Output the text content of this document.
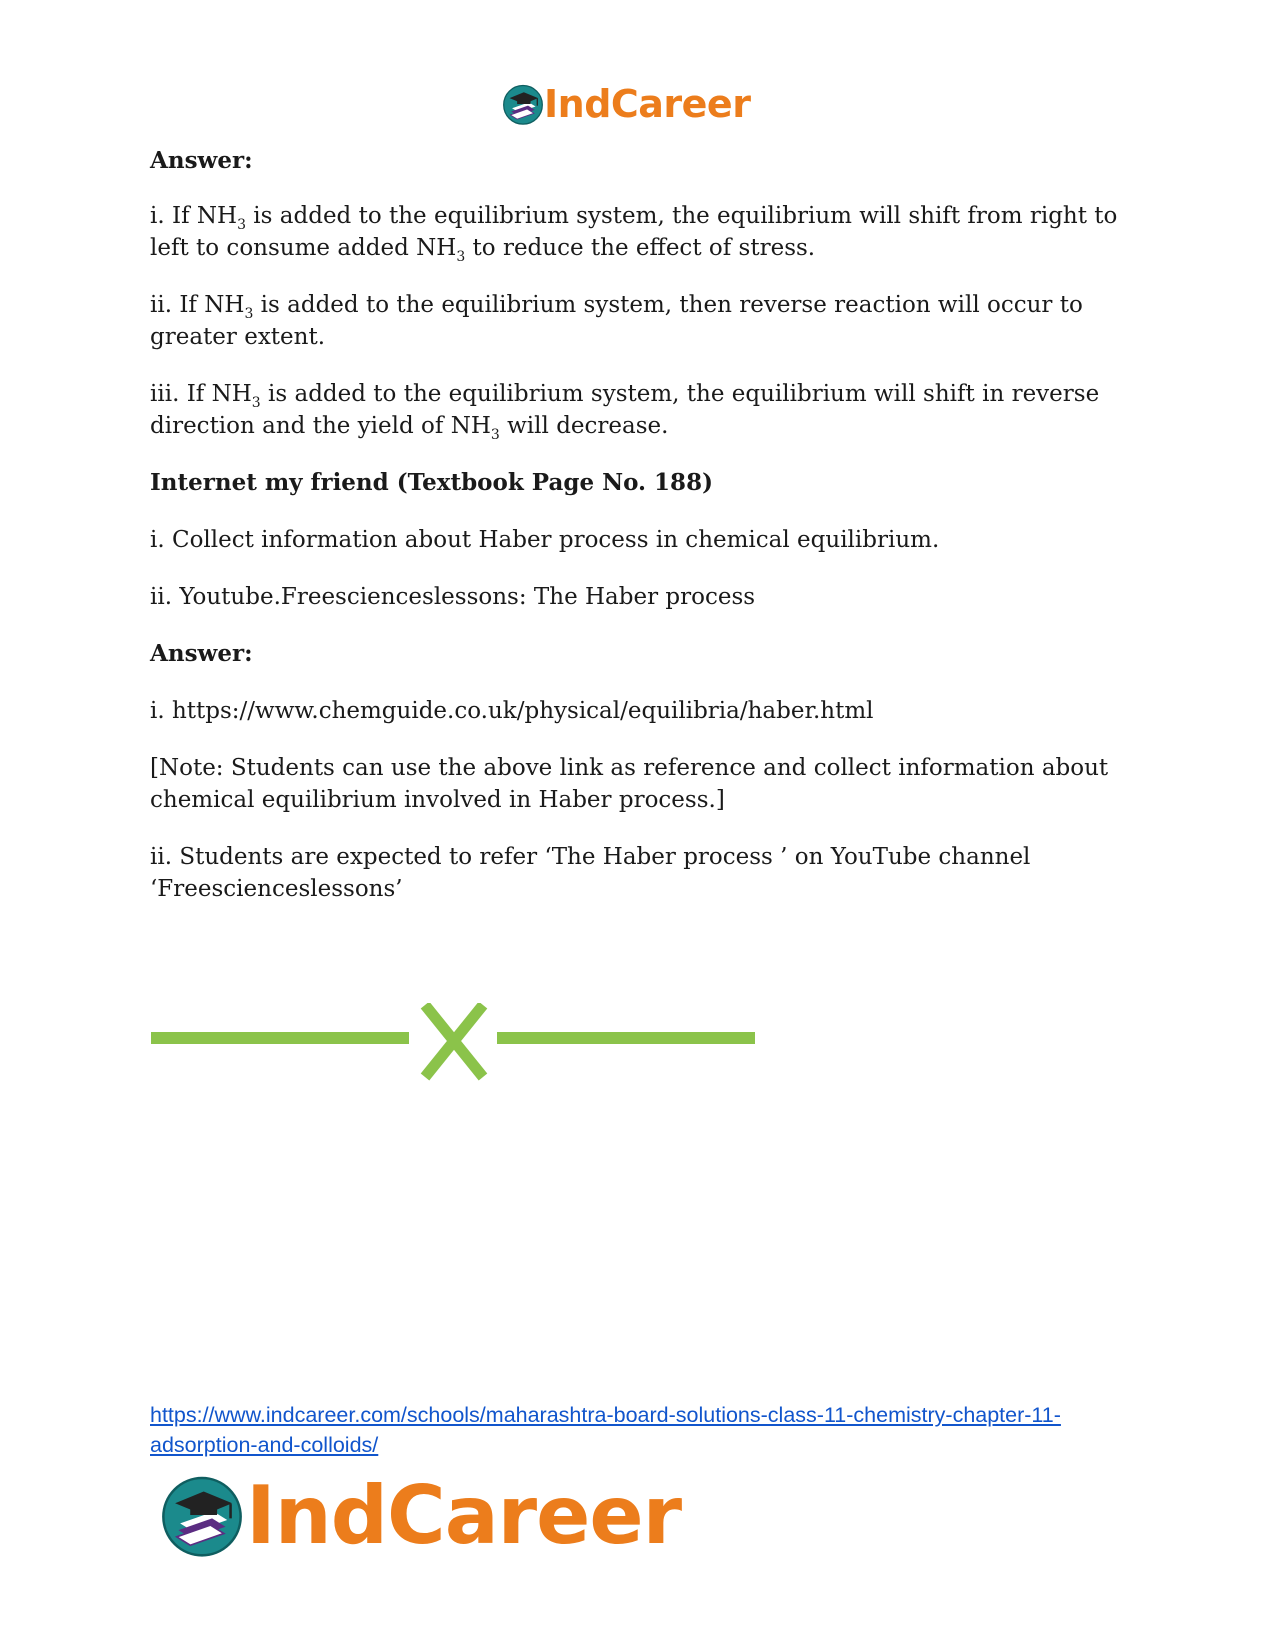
IndCareer

Answer:

i. If $NH_3$ is added to the equilibrium system, the equilibrium will shift from right to left to consume added $NH_3$ to reduce the effect of stress.

ii. If $NH_3$ is added to the equilibrium system, then reverse reaction will occur to greater extent.

iii. If $NH_3$ is added to the equilibrium system, the equilibrium will shift in reverse direction and the yield of $NH_3$ will decrease.

Internet my friend (Textbook Page No. 188)

i. Collect information about Haber process in chemical equilibrium.

ii. Youtube.Freescienceslessons: The Haber process

Answer:

i. https://www.chemguide.co.uk/physical/equilibria/haber.html

[Note: Students can use the above link as reference and collect information about chemical equilibrium involved in Haber process.]

ii. Students are expected to refer ‘The Haber process ’ on YouTube channel ‘Freescienceslessons’

https://www.indcareer.com/schools/maharashtra-board-solutions-class-11-chemistry-chapter-11-adsorption-and-colloids/
IndCareer
